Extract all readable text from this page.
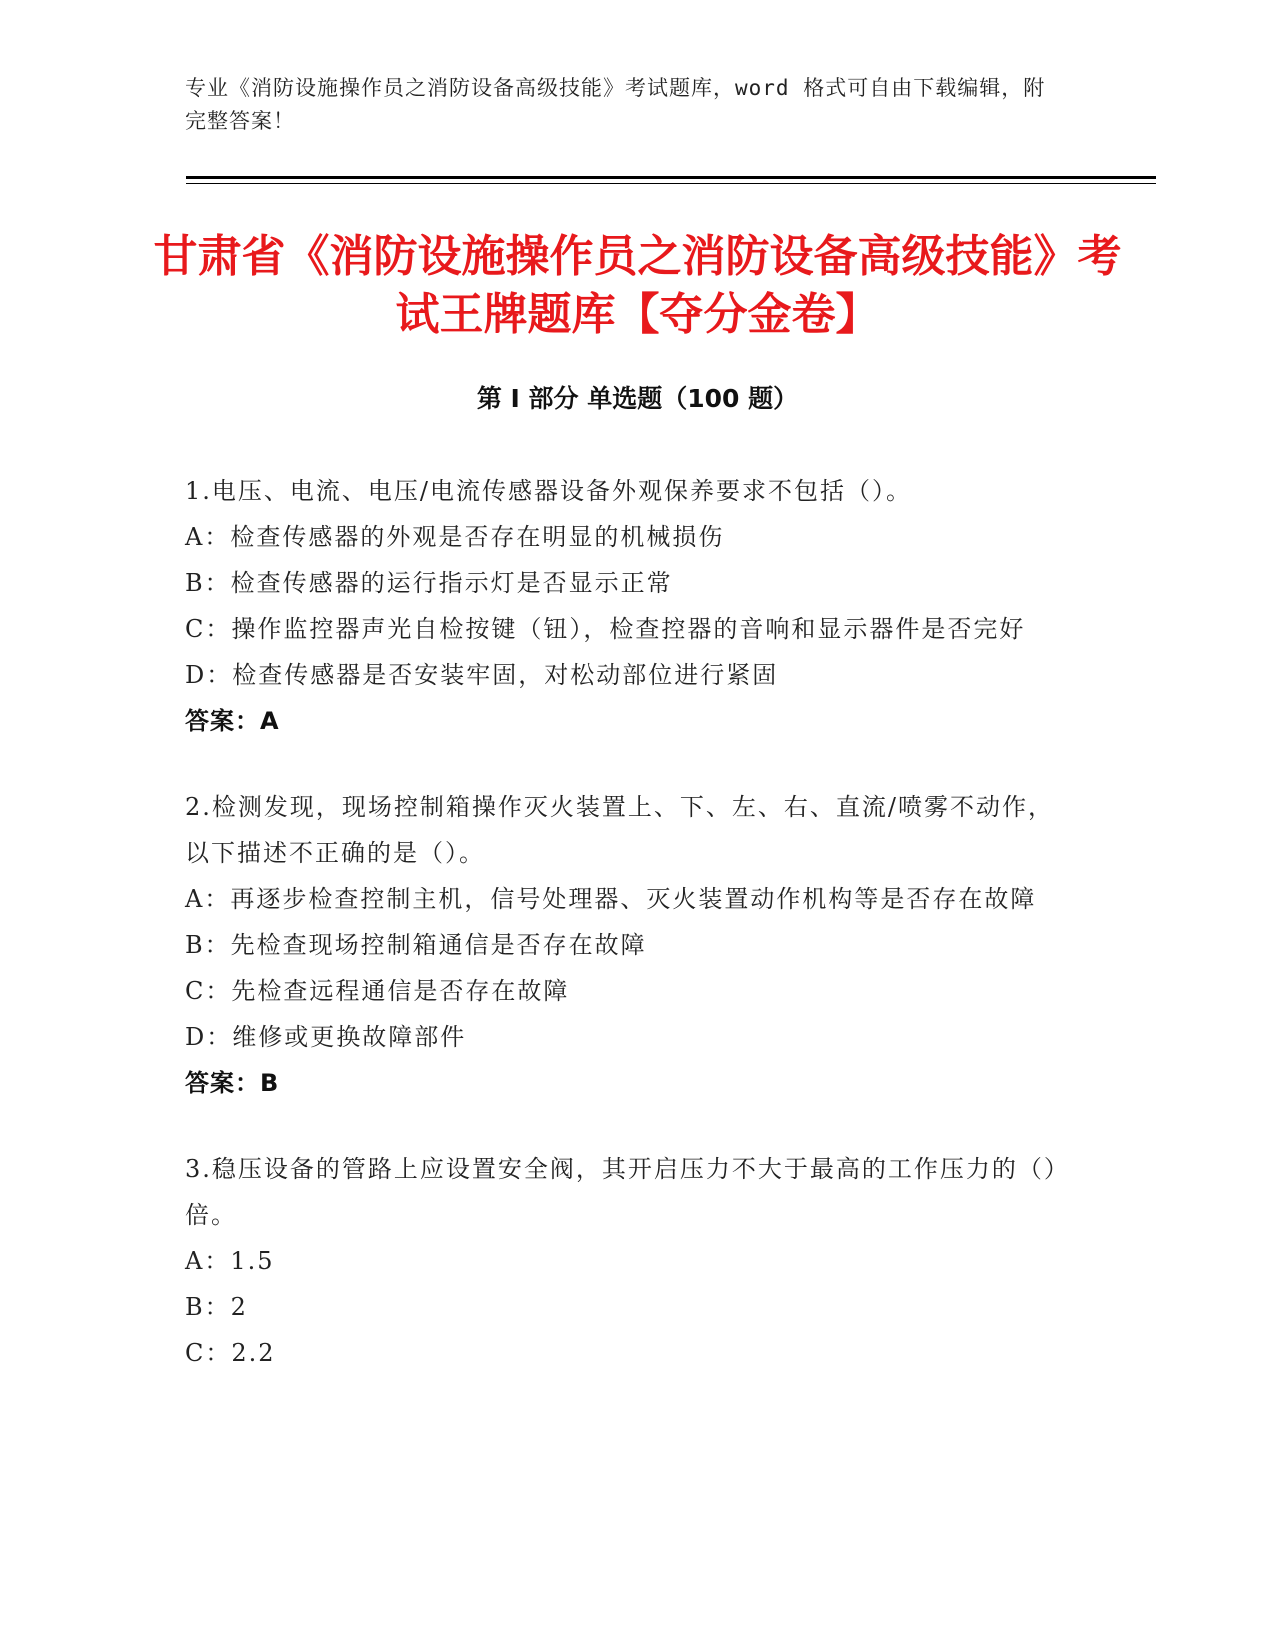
专业《消防设施操作员之消防设备高级技能》考试题库，word 格式可自由下载编辑，附完整答案！
甘肃省《消防设施操作员之消防设备高级技能》考试王牌题库【夺分金卷】
第 I 部分 单选题（100 题）

1.电压、电流、电压/电流传感器设备外观保养要求不包括（）。

A：检查传感器的外观是否存在明显的机械损伤

B：检查传感器的运行指示灯是否显示正常

C：操作监控器声光自检按键（钮），检查控器的音响和显示器件是否完好

D：检查传感器是否安装牢固，对松动部位进行紧固

答案：A

2.检测发现，现场控制箱操作灭火装置上、下、左、右、直流/喷雾不动作，以下描述不正确的是（）。

A：再逐步检查控制主机，信号处理器、灭火装置动作机构等是否存在故障

B：先检查现场控制箱通信是否存在故障

C：先检查远程通信是否存在故障

D：维修或更换故障部件

答案：B

3.稳压设备的管路上应设置安全阀，其开启压力不大于最高的工作压力的（）倍。

A：1.5

B：2

C：2.2
